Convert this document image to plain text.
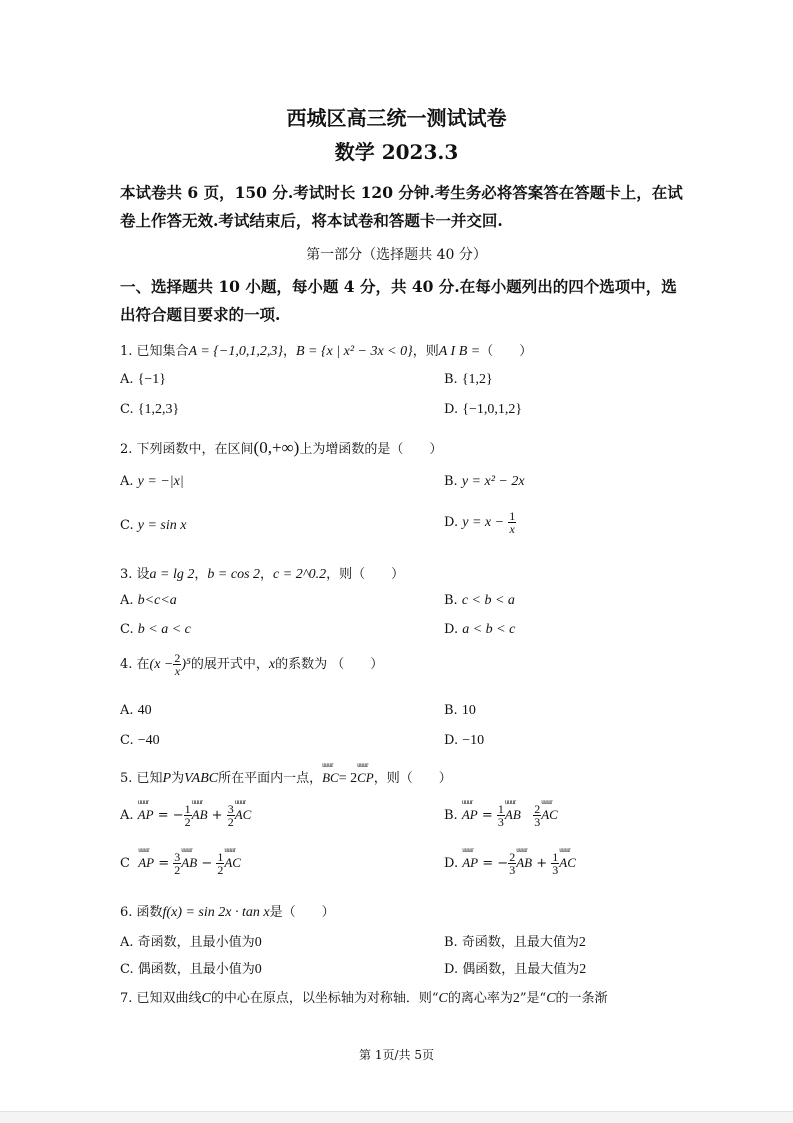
西城区高三统一测试试卷
数学 2023.3
本试卷共 6 页，150 分.考试时长 120 分钟.考生务必将答案答在答题卡上，在试
卷上作答无效.考试结束后，将本试卷和答题卡一并交回.
第一部分（选择题共 40 分）
一、选择题共 10 小题，每小题 4 分，共 40 分.在每小题列出的四个选项中，选
出符合题目要求的一项.
1. 已知集合A = {−1,0,1,2,3}，B = {x | x² − 3x < 0}，则A I B =（　　）
A. {−1}	B. {1,2}
C. {1,2,3}	D. {−1,0,1,2}
2. 下列函数中，在区间(0,+∞)上为增函数的是（　　）
A. y = −|x|	B. y = x² − 2x
C. y = sin x	D. $y = x - \frac{1}{x}$
3. 设a = lg 2，b = cos 2，c = 2^0.2，则（　　）
A. b<c<a	B. c < b < a
C. b < a < c	D. a < b < c
4. 在$(x - \frac{2}{x} )^5$的展开式中，x的系数为 （　　）
A. 40	B. 10
C. −40	D. −10
5. 已知P为VABC所在平面内一点，uuur BC= 2uuur CP，则（　　）
A. uuur AP = − $\frac{1}{2}$ uuur AB + $\frac{3}{2}$ uuur AC	B. uuur AP = $\frac{1}{3}$ uuur AB $\frac{2}{3}$ uuur AC
C uuur AP = $\frac{3}{2}$ uuur AB − $\frac{1}{2}$ uuur AC	D. uuur AP = − $\frac{2}{3}$ uuur AB + $\frac{1}{3}$ uuur AC
6. 函数f(x) = sin 2x · tan x是（　　）
A. 奇函数，且最小值为0	B. 奇函数，且最大值为2
C. 偶函数，且最小值为0	D. 偶函数，且最大值为2
7. 已知双曲线C的中心在原点，以坐标轴为对称轴．则“C的离心率为2”是“C的一条渐
第 1页/共 5页
